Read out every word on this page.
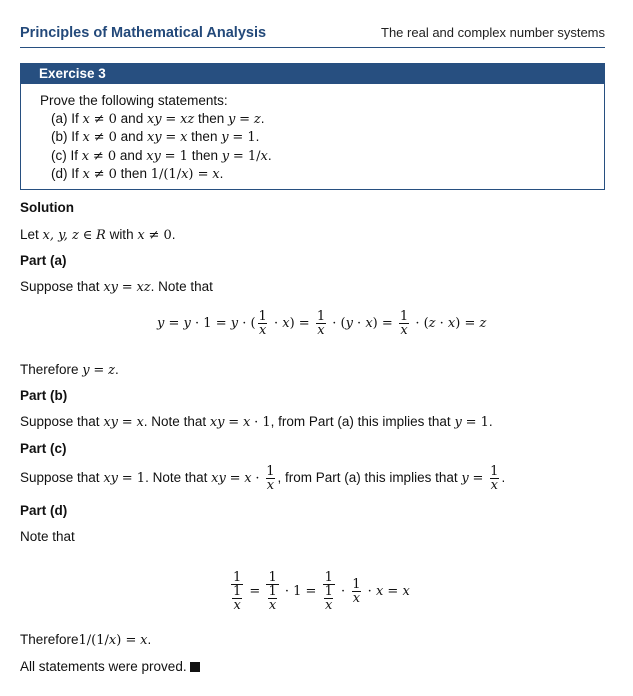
Principles of Mathematical Analysis	The real and complex number systems
Exercise 3
Prove the following statements:
(a) If x ≠ 0 and xy = xz then y = z.
(b) If x ≠ 0 and xy = x then y = 1.
(c) If x ≠ 0 and xy = 1 then y = 1/x.
(d) If x ≠ 0 then 1/(1/x) = x.
Solution
Let x, y, z ∈ R with x ≠ 0.
Part (a)
Suppose that xy = xz. Note that
y = y · 1 = y · ( $\frac{1}{x} \cdot x$ ) = $\frac{1}{x}$ · ( y · x ) = $\frac{1}{x}$ · ( z · x ) = z
Therefore y = z.
Part (b)
Suppose that xy = x. Note that xy = x · 1, from Part (a) this implies that y = 1.
Part (c)
Suppose that xy = 1. Note that xy = $x \cdot \frac{1}{x}$ , from Part (a) this implies that $y = \frac{1}{x}$ .
Part (d)
Note that
$\frac{1}{\frac{1}{x}} = \frac{1}{\frac{1}{x}} \cdot 1 = \frac{1}{\frac{1}{x}} \cdot \frac{1}{x} \cdot x = x$
Therefore1/(1/x) = x.
All statements were proved.
